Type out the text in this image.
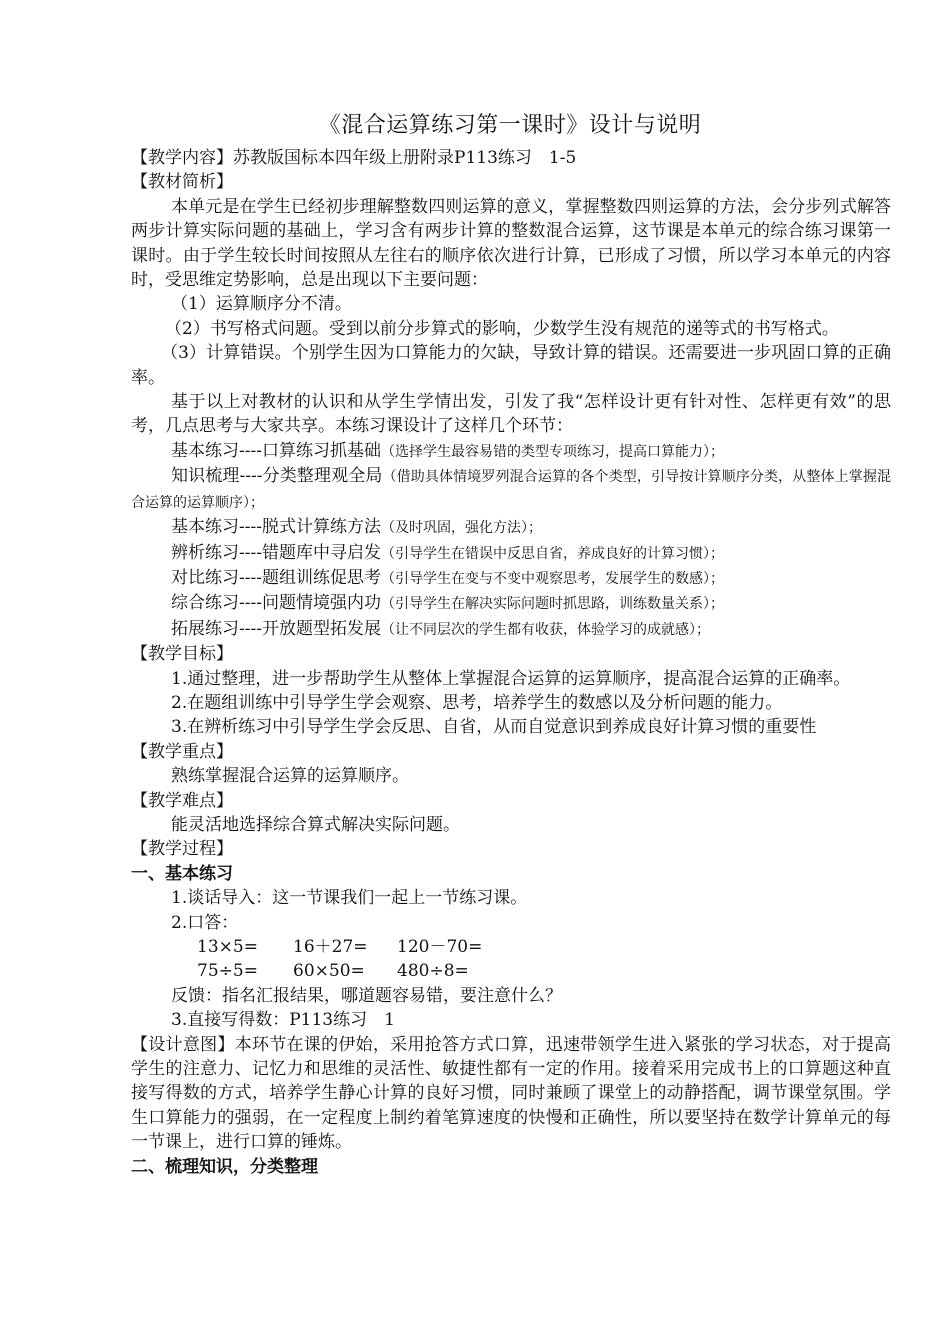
《混合运算练习第一课时》设计与说明

【教学内容】苏教版国标本四年级上册附录P113练习　1-5

【教材简析】

本单元是在学生已经初步理解整数四则运算的意义，掌握整数四则运算的方法，会分步列式解答两步计算实际问题的基础上，学习含有两步计算的整数混合运算，这节课是本单元的综合练习课第一课时。由于学生较长时间按照从左往右的顺序依次进行计算，已形成了习惯，所以学习本单元的内容时，受思维定势影响，总是出现以下主要问题：

（1）运算顺序分不清。

（2）书写格式问题。受到以前分步算式的影响，少数学生没有规范的递等式的书写格式。

（3）计算错误。个别学生因为口算能力的欠缺，导致计算的错误。还需要进一步巩固口算的正确率。

基于以上对教材的认识和从学生学情出发，引发了我“怎样设计更有针对性、怎样更有效”的思考，几点思考与大家共享。本练习课设计了这样几个环节：

基本练习----口算练习抓基础（选择学生最容易错的类型专项练习，提高口算能力）；

知识梳理----分类整理观全局（借助具体情境罗列混合运算的各个类型，引导按计算顺序分类，从整体上掌握混合运算的运算顺序）；

基本练习----脱式计算练方法（及时巩固，强化方法）；

辨析练习----错题库中寻启发（引导学生在错误中反思自省，养成良好的计算习惯）；

对比练习----题组训练促思考（引导学生在变与不变中观察思考，发展学生的数感）；

综合练习----问题情境强内功（引导学生在解决实际问题时抓思路，训练数量关系）；

拓展练习----开放题型拓发展（让不同层次的学生都有收获，体验学习的成就感）；

【教学目标】

1.通过整理，进一步帮助学生从整体上掌握混合运算的运算顺序，提高混合运算的正确率。

2.在题组训练中引导学生学会观察、思考，培养学生的数感以及分析问题的能力。

3.在辨析练习中引导学生学会反思、自省，从而自觉意识到养成良好计算习惯的重要性

【教学重点】

熟练掌握混合运算的运算顺序。

【教学难点】

能灵活地选择综合算式解决实际问题。

【教学过程】

一、基本练习

1.谈话导入：这一节课我们一起上一节练习课。

2.口答：

13×5= 16＋27= 120－70=
75÷5= 60×50= 480÷8=

反馈：指名汇报结果，哪道题容易错，要注意什么？

3.直接写得数：P113练习　1

【设计意图】本环节在课的伊始，采用抢答方式口算，迅速带领学生进入紧张的学习状态，对于提高学生的注意力、记忆力和思维的灵活性、敏捷性都有一定的作用。接着采用完成书上的口算题这种直接写得数的方式，培养学生静心计算的良好习惯，同时兼顾了课堂上的动静搭配，调节课堂氛围。学生口算能力的强弱，在一定程度上制约着笔算速度的快慢和正确性，所以要坚持在数学计算单元的每一节课上，进行口算的锤炼。

二、梳理知识，分类整理
